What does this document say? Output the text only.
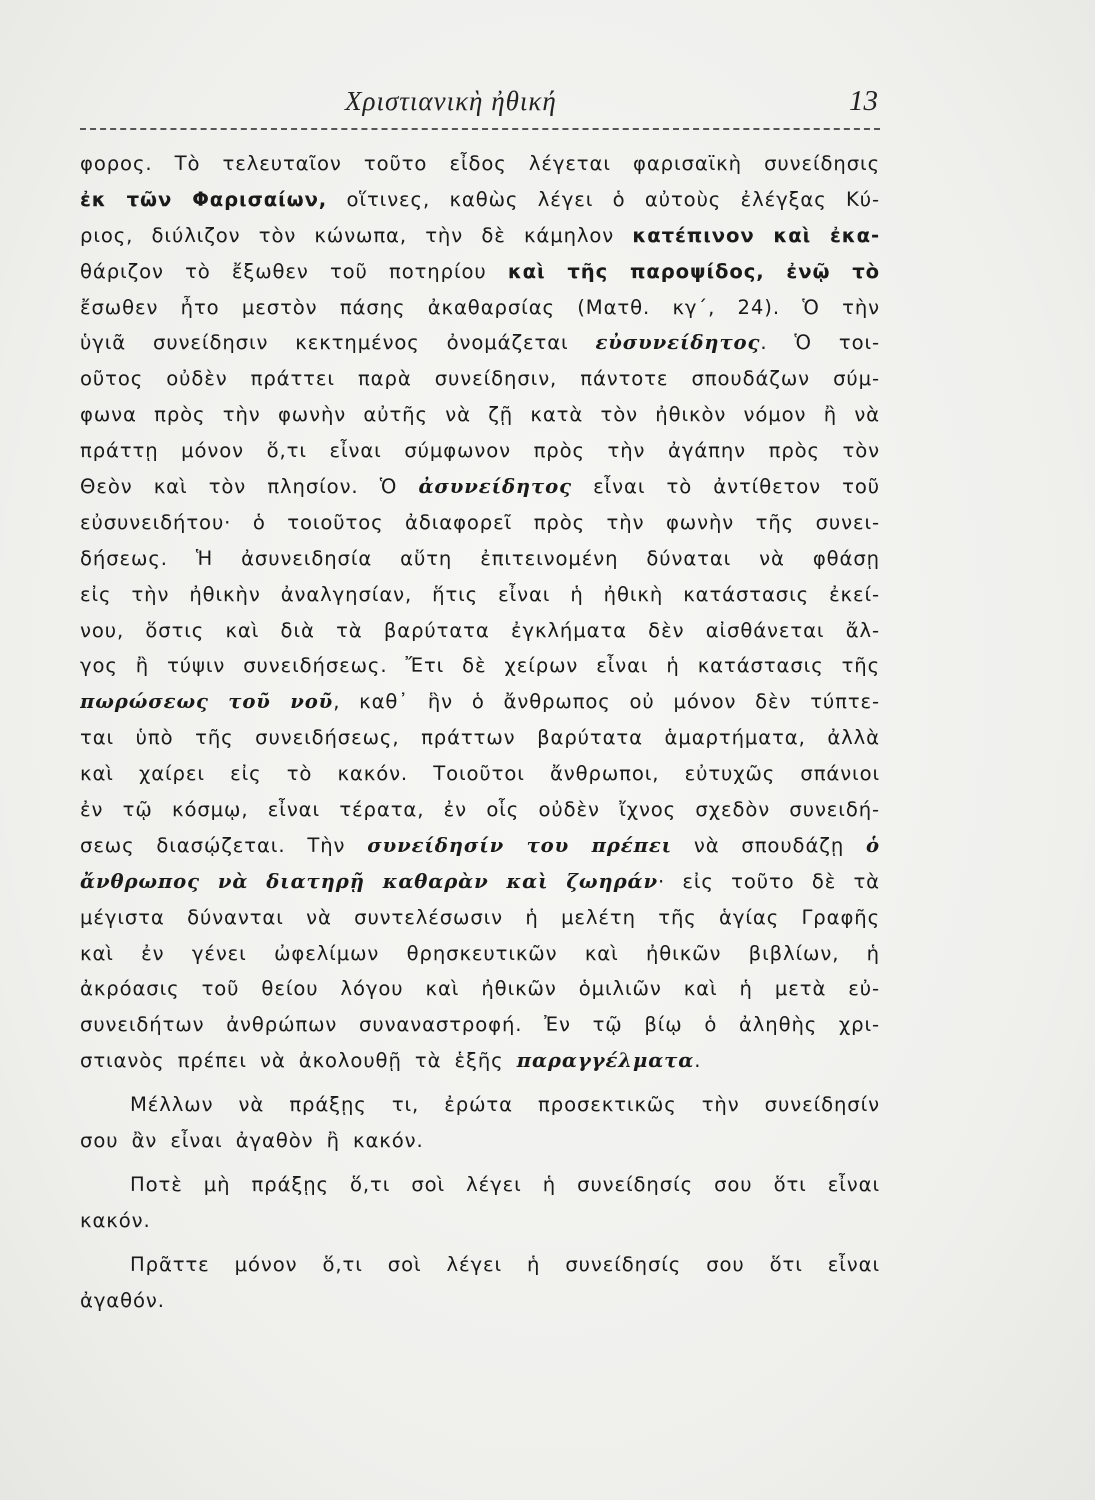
Χριστιανικὴ ἠθική	13
φορος. Τὸ τελευταῖον τοῦτο εἶδος λέγεται φαρισαϊκὴ συνείδησις
ἐκ τῶν Φαρισαίων, οἵτινες, καθὼς λέγει ὁ αὐτοὺς ἐλέγξας Κύ-
ριος, διύλιζον τὸν κώνωπα, τὴν δὲ κάμηλον κατέπινον καὶ ἐκα-
θάριζον τὸ ἔξωθεν τοῦ ποτηρίου καὶ τῆς παροψίδος, ἐνῷ τὸ
ἔσωθεν ἦτο μεστὸν πάσης ἀκαθαρσίας (Ματθ. κγ΄, 24). Ὁ τὴν
ὑγιᾶ συνείδησιν κεκτημένος ὀνομάζεται εὐσυνείδητος. Ὁ τοι-
οῦτος οὐδὲν πράττει παρὰ συνείδησιν, πάντοτε σπουδάζων σύμ-
φωνα πρὸς τὴν φωνὴν αὐτῆς νὰ ζῇ κατὰ τὸν ἠθικὸν νόμον ἢ νὰ
πράττῃ μόνον ὅ,τι εἶναι σύμφωνον πρὸς τὴν ἀγάπην πρὸς τὸν
Θεὸν καὶ τὸν πλησίον. Ὁ ἀσυνείδητος εἶναι τὸ ἀντίθετον τοῦ
εὐσυνειδήτου· ὁ τοιοῦτος ἀδιαφορεῖ πρὸς τὴν φωνὴν τῆς συνει-
δήσεως. Ἡ ἀσυνειδησία αὕτη ἐπιτεινομένη δύναται νὰ φθάσῃ
εἰς τὴν ἠθικὴν ἀναλγησίαν, ἥτις εἶναι ἡ ἠθικὴ κατάστασις ἐκεί-
νου, ὅστις καὶ διὰ τὰ βαρύτατα ἐγκλήματα δὲν αἰσθάνεται ἄλ-
γος ἢ τύψιν συνειδήσεως. Ἔτι δὲ χείρων εἶναι ἡ κατάστασις τῆς
πωρώσεως τοῦ νοῦ, καθ᾿ ἣν ὁ ἄνθρωπος οὐ μόνον δὲν τύπτε-
ται ὑπὸ τῆς συνειδήσεως, πράττων βαρύτατα ἁμαρτήματα, ἀλλὰ
καὶ χαίρει εἰς τὸ κακόν. Τοιοῦτοι ἄνθρωποι, εὐτυχῶς σπάνιοι
ἐν τῷ κόσμῳ, εἶναι τέρατα, ἐν οἷς οὐδὲν ἴχνος σχεδὸν συνειδή-
σεως διασῴζεται. Τὴν συνείδησίν του πρέπει νὰ σπουδάζῃ ὁ
ἄνθρωπος νὰ διατηρῇ καθαρὰν καὶ ζωηράν· εἰς τοῦτο δὲ τὰ
μέγιστα δύνανται νὰ συντελέσωσιν ἡ μελέτη τῆς ἁγίας Γραφῆς
καὶ ἐν γένει ὠφελίμων θρησκευτικῶν καὶ ἠθικῶν βιβλίων, ἡ
ἀκρόασις τοῦ θείου λόγου καὶ ἠθικῶν ὁμιλιῶν καὶ ἡ μετὰ εὐ-
συνειδήτων ἀνθρώπων συναναστροφή. Ἐν τῷ βίῳ ὁ ἀληθὴς χρι-
στιανὸς πρέπει νὰ ἀκολουθῇ τὰ ἑξῆς παραγγέλματα.
Μέλλων νὰ πράξῃς τι, ἐρώτα προσεκτικῶς τὴν συνείδησίν
σου ἂν εἶναι ἀγαθὸν ἢ κακόν.
Ποτὲ μὴ πράξῃς ὅ,τι σοὶ λέγει ἡ συνείδησίς σου ὅτι εἶναι
κακόν.
Πρᾶττε μόνον ὅ,τι σοὶ λέγει ἡ συνείδησίς σου ὅτι εἶναι
ἀγαθόν.
